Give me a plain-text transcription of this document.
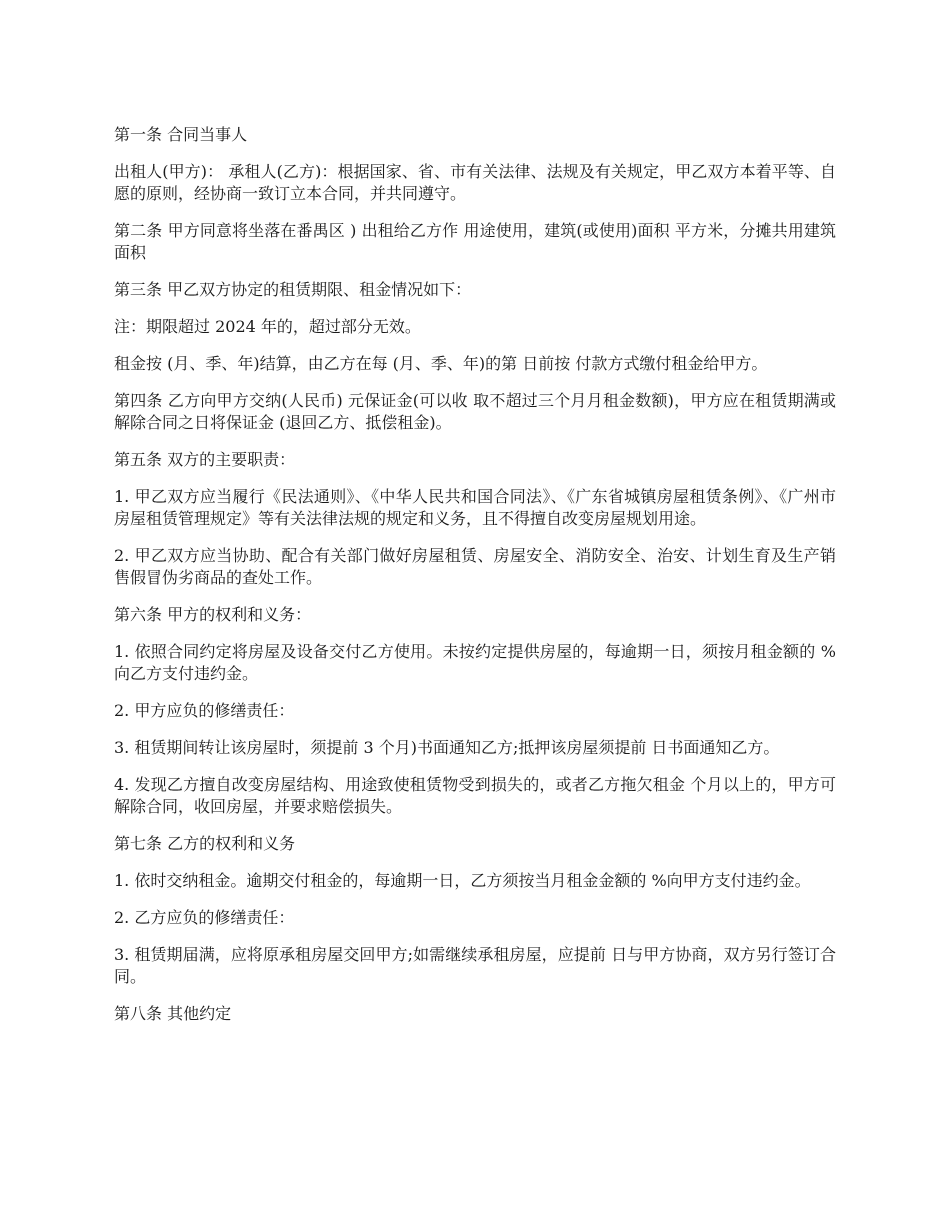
第一条 合同当事人

出租人(甲方)： 承租人(乙方)：根据国家、省、市有关法律、法规及有关规定，甲乙双方本着平等、自愿的原则，经协商一致订立本合同，并共同遵守。

第二条 甲方同意将坐落在番禺区 ) 出租给乙方作 用途使用，建筑(或使用)面积 平方米，分摊共用建筑面积

第三条 甲乙双方协定的租赁期限、租金情况如下：

注：期限超过 2024 年的，超过部分无效。

租金按 (月、季、年)结算，由乙方在每 (月、季、年)的第 日前按 付款方式缴付租金给甲方。

第四条 乙方向甲方交纳(人民币) 元保证金(可以收 取不超过三个月月租金数额)，甲方应在租赁期满或解除合同之日将保证金 (退回乙方、抵偿租金)。

第五条 双方的主要职责：

1. 甲乙双方应当履行《民法通则》、《中华人民共和国合同法》、《广东省城镇房屋租赁条例》、《广州市房屋租赁管理规定》等有关法律法规的规定和义务，且不得擅自改变房屋规划用途。

2. 甲乙双方应当协助、配合有关部门做好房屋租赁、房屋安全、消防安全、治安、计划生育及生产销售假冒伪劣商品的查处工作。

第六条 甲方的权利和义务：

1. 依照合同约定将房屋及设备交付乙方使用。未按约定提供房屋的，每逾期一日，须按月租金额的 %向乙方支付违约金。

2. 甲方应负的修缮责任：

3. 租赁期间转让该房屋时，须提前 3 个月)书面通知乙方;抵押该房屋须提前 日书面通知乙方。

4. 发现乙方擅自改变房屋结构、用途致使租赁物受到损失的，或者乙方拖欠租金 个月以上的，甲方可解除合同，收回房屋，并要求赔偿损失。

第七条 乙方的权利和义务

1. 依时交纳租金。逾期交付租金的，每逾期一日，乙方须按当月租金金额的 %向甲方支付违约金。

2. 乙方应负的修缮责任：

3. 租赁期届满，应将原承租房屋交回甲方;如需继续承租房屋，应提前 日与甲方协商，双方另行签订合同。

第八条 其他约定
